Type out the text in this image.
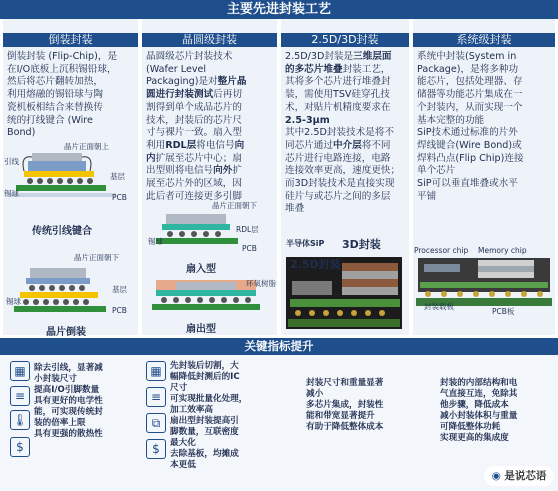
主要先进封装工艺
倒装封装
倒装封装 (Flip-Chip)，是
在I/O底板上沉积锡铅球，
然后将芯片翻转加热，
利用熔融的锡铅球与陶
瓷机板相结合来替换传
统的打线键合 (Wire
Bond)
晶圆级封装
晶圆级芯片封装技术
(Wafer Level
Packaging)是对整片晶
圆进行封装测试后再切
割得到单个成品芯片的
技术，封装后的芯片尺
寸与裸片一致。扇入型
利用RDL层将电信号向
内扩展至芯片中心；扇
出型则将电信号向外扩
展至芯片外的区域，因
此后者可连接更多引脚
2.5D/3D封装
2.5D/3D封装是三维层面
的多芯片堆叠封装工艺，
其将多个芯片进行堆叠封
装，需使用TSV硅穿孔技
术，对贴片机精度要求在
2.5-3μm
其中2.5D封装技术是将不
同芯片通过中介层将不同
芯片进行电路连接，电路
连接效率更高，速度更快；
而3D封装技术是直接实现
硅片与或芯片之间的多层
堆叠
系统级封装
系统中封装(System in
Package)，是将多种功
能芯片，包括处理器、存
储器等功能芯片集成在一
个封装内，从而实现一个
基本完整的功能
SiP技术通过标准的片外
焊线键合(Wire Bond)或
焊料凸点(Flip Chip)连接
单个芯片
SiP可以垂直堆叠或水平
平铺
关键指标提升
引线
晶片正面朝上
基层
锡球	PCB
传统引线键合
晶片正面朝下
基层
锡球
PCB
晶片倒装
晶片正面朝下
RDL层
锡球
PCB
扇入型
环氧树脂
扇出型
半导体SiP 3D封装
2.5D封装
Processor chip Memory chip
封装载板
PCB板
▦
≡
🌡
$
▦
≡
⧉
$
除去引线，显著减
小封装尺寸
提高I/O引脚数量
具有更好的电学性
能，可实现传统封
装的倍率上限
具有更强的散热性
先封装后切割，大
幅降低封测后的IC
尺寸
可实现批量化处理，
加工效率高
扇出型封装提高引
脚数量，互联密度
最大化
去除基板，均摊成
本更低
封装尺寸和重量显著
减小
多芯片集成，封装性
能和带宽显著提升
有助于降低整体成本
封装的内部结构和电
气直接互连，免除其
他步骤，降低成本
减小封装体积与重量
可降低整体功耗
实现更高的集成度
◉ 是说芯语
